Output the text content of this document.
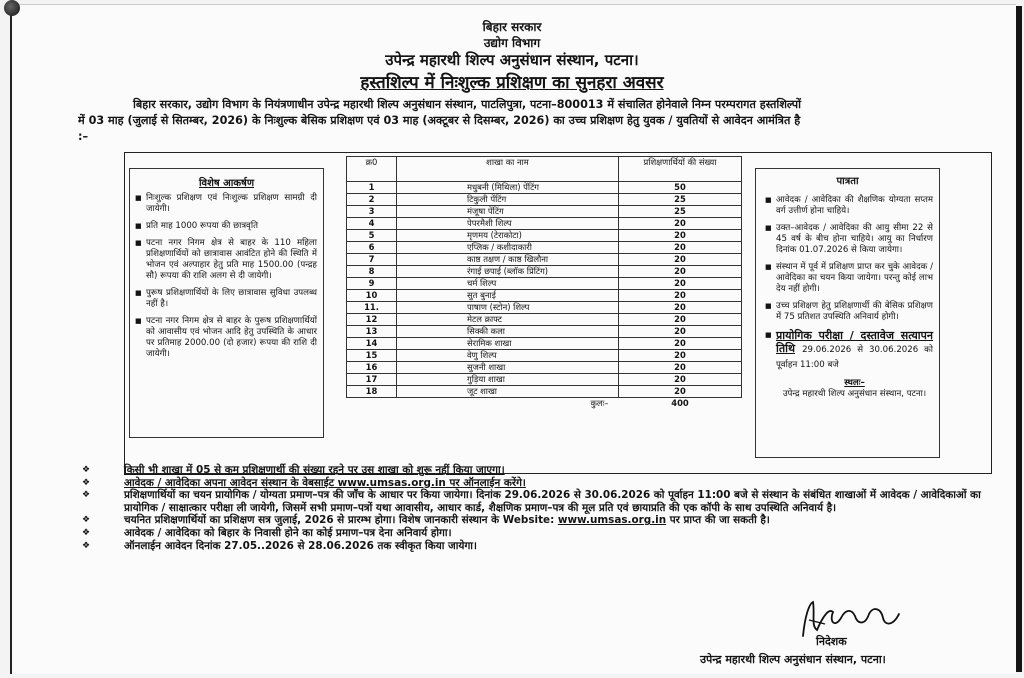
बिहार सरकार
उद्योग विभाग
उपेन्द्र महारथी शिल्प अनुसंधान संस्थान, पटना।
हस्तशिल्प में निःशुल्क प्रशिक्षण का सुनहरा अवसर

बिहार सरकार, उद्योग विभाग के नियंत्रणाधीन उपेन्द्र महारथी शिल्प अनुसंधान संस्थान, पाटलिपुत्रा, पटना–800013 में संचालित होनेवाले निम्न परम्परागत हस्तशिल्पों

में 03 माह (जुलाई से सितम्बर, 2026) के निःशुल्क बेसिक प्रशिक्षण एवं 03 माह (अक्टूबर से दिसम्बर, 2026) का उच्च प्रशिक्षण हेतु युवक / युवतियों से आवेदन आमंत्रित है

:–

विशेष आकर्षण
■ निःशुल्क प्रशिक्षण एवं निःशुल्क प्रशिक्षण सामग्री दी जायेगी।
■ प्रति माह 1000 रूपया की छात्रवृति
■ पटना नगर निगम क्षेत्र से बाहर के 110 महिला प्रशिक्षणार्थियों को छात्रावास आवंटित होने की स्थिति में भोजन एवं अल्पाहार हेतु प्रति माह 1500.00 (पन्द्रह सौ) रूपया की राशि अलग से दी जायेगी।
■ पुरूष प्रशिक्षणार्थियों के लिए छात्रावास सुविधा उपलब्ध नहीं है।
■ पटना नगर निगम क्षेत्र से बाहर के पुरूष प्रशिक्षणार्थियों को आवासीय एवं भोजन आदि हेतु उपस्थिति के आधार पर प्रतिमाह 2000.00 (दो हजार) रूपया की राशि दी जायेगी।
क्र0	शाखा का नाम	प्रशिक्षणार्थियों की संख्या
1	मधुबनी (मिथिला) पेंटिंग	50
2	टिकुली पेंटिंग	25
3	मंजूषा पेंटिंग	25
4	पेपरमैशी शिल्प	20
5	मृणमय (टेराकोटा)	20
6	एप्लिक / कशीदाकारी	20
7	काष्ठ तक्षण / काष्ठ खिलौना	20
8	रंगाई छपाई (ब्लॉक प्रिंटिंग)	20
9	चर्म शिल्प	20
10	सुत बुनाई	20
11.	पाषाण (स्टोन) शिल्प	20
12	मेटल क्राफ्ट	20
13	सिक्की कला	20
14	सेरामिक शाखा	20
15	वेणु शिल्प	20
16	सुजनी शाखा	20
17	गुड़िया शाखा	20
18	जूट शाखा	20
	कुलः–	400
पात्रता
■ आवेदक / आवेदिका की शैक्षणिक योग्यता सप्तम वर्ग उत्तीर्ण होना चाहिये।
■ उक्त–आवेदक / आवेदिका की आयु सीमा 22 से 45 वर्ष के बीच होना चाहिये। आयु का निर्धारण दिनांक 01.07.2026 से किया जायेगा।
■ संस्थान में पूर्व में प्रशिक्षण प्राप्त कर चुके आवेदक / आवेदिका का चयन किया जायेगा। परन्तु कोई लाभ देय नहीं होगी।
■ उच्च प्रशिक्षण हेतु प्रशिक्षणार्थी की बेसिक प्रशिक्षण में 75 प्रतिशत उपस्थिति अनिवार्य होगी।
■ प्रायोगिक परीक्षा / दस्तावेज सत्यापन तिथि 29.06.2026 से 30.06.2026 को पूर्वाहन 11:00 बजे
स्थलः–
उपेन्द्र महारथी शिल्प अनुसंधान संस्थान, पटना।
❖	किसी भी शाखा में 05 से कम प्रशिक्षणार्थी की संख्या रहने पर उस शाखा को शुरू नहीं किया जाएगा।
❖	आवेदक / आवेदिका अपना आवेदन संस्थान के वेबसाईट www.umsas.org.in पर ऑनलाईन करेंगे।
❖	प्रशिक्षणार्थियों का चयन प्रायोगिक / योग्यता प्रमाण–पत्र की जाँच के आधार पर किया जायेगा। दिनांक 29.06.2026 से 30.06.2026 को पूर्वाहन 11:00 बजे से संस्थान के संबंधित शाखाओं में आवेदक / आवेदिकाओं का प्रायोगिक / साक्षात्कार परीक्षा ली जायेगी, जिसमें सभी प्रमाण–पत्रों यथा आवासीय, आधार कार्ड, शैक्षणिक प्रमाण–पत्र की मूल प्रति एवं छायाप्रति की एक कॉपी के साथ उपस्थिति अनिवार्य है।
❖	चयनित प्रशिक्षणार्थियों का प्रशिक्षण सत्र जुलाई, 2026 से प्रारम्भ होगा। विशेष जानकारी संस्थान के Website: www.umsas.org.in पर प्राप्त की जा सकती है।
❖	आवेदक / आवेदिका को बिहार के निवासी होने का कोई प्रमाण–पत्र देना अनिवार्य होगा।
❖	ऑनलाईन आवेदन दिनांक 27.05..2026 से 28.06.2026 तक स्वीकृत किया जायेगा।
निदेशक
उपेन्द्र महारथी शिल्प अनुसंधान संस्थान, पटना।
